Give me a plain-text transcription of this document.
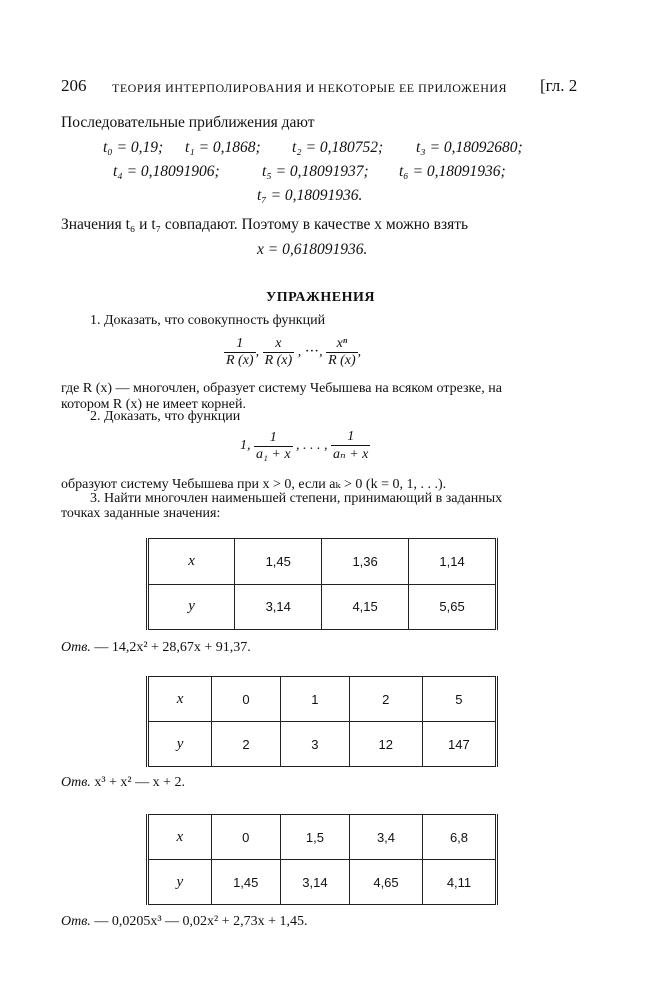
206 ТЕОРИЯ ИНТЕРПОЛИРОВАНИЯ И НЕКОТОРЫЕ ЕЕ ПРИЛОЖЕНИЯ [гл. 2
Последовательные приближения дают
t₀ = 0,19; t₁ = 0,1868; t₂ = 0,180752; t₃ = 0,18092680;
t₄ = 0,18091906;	t₅ = 0,18091937; t₆ = 0,18091936;
t₇ = 0,18091936.
Значения t₆ и t₇ совпадают. Поэтому в качестве x можно взять
x = 0,618091936.
УПРАЖНЕНИЯ
1. Доказать, что совокупность функций
$\frac{1}{R (x)}$ , $\frac{x}{R (x)}$ , ⋅⋅⋅, $\frac{\text{xⁿ}}{R (x)}$ ,
где R (x) — многочлен, образует систему Чебышева на всяком отрезке, на
котором R (x) не имеет корней.
2. Доказать, что функции
1, $\frac{1}{\text{a₁ + x}}$ , . . . , $\frac{1}{\text{aₙ + x}}$
образуют систему Чебышева при x > 0, если aₖ > 0 (k = 0, 1, . . .).
3. Найти многочлен наименьшей степени, принимающий в заданных
точках заданные значения:
x	1,45	1,36	1,14
y	3,14	4,15	5,65
Отв. — 14,2x² + 28,67x + 91,37.
x	0	1	2	5
y	2	3	12	147
Отв. x³ + x² — x + 2.
x	0	1,5	3,4	6,8
y	1,45	3,14	4,65	4,11
Отв. — 0,0205x³ — 0,02x² + 2,73x + 1,45.
